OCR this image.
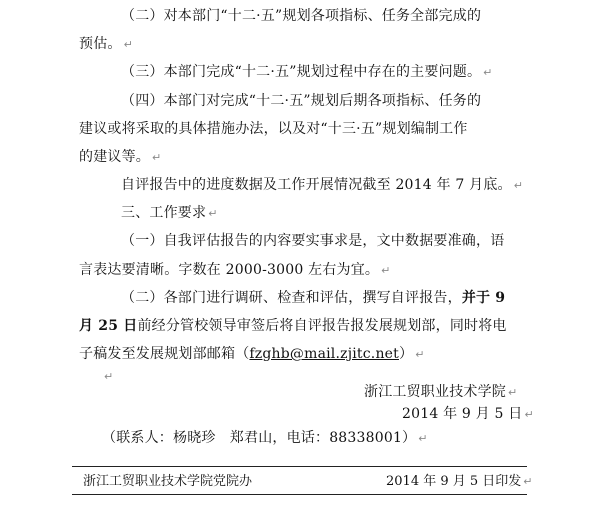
（二）对本部门“十二·五”规划各项指标、任务全部完成的
预估。 ↵
（三）本部门完成“十二·五”规划过程中存在的主要问题。 ↵
（四）本部门对完成“十二·五”规划后期各项指标、任务的
建议或将采取的具体措施办法，以及对“十三·五”规划编制工作
的建议等。 ↵
自评报告中的进度数据及工作开展情况截至 2014 年 7 月底。 ↵
三、工作要求 ↵
（一）自我评估报告的内容要实事求是，文中数据要准确，语
言表达要清晰。字数在 2000-3000 左右为宜。 ↵
（二）各部门进行调研、检查和评估，撰写自评报告，并于 9
月 25 日前经分管校领导审签后将自评报告报发展规划部，同时将电
子稿发至发展规划部邮箱（fzghb@mail.zjitc.net） ↵
↵
浙江工贸职业技术学院 ↵
2014 年 9 月 5 日 ↵
（联系人：杨晓珍　郑君山，电话：88338001） ↵
浙江工贸职业技术学院党院办	2014 年 9 月 5 日印发 ↵
